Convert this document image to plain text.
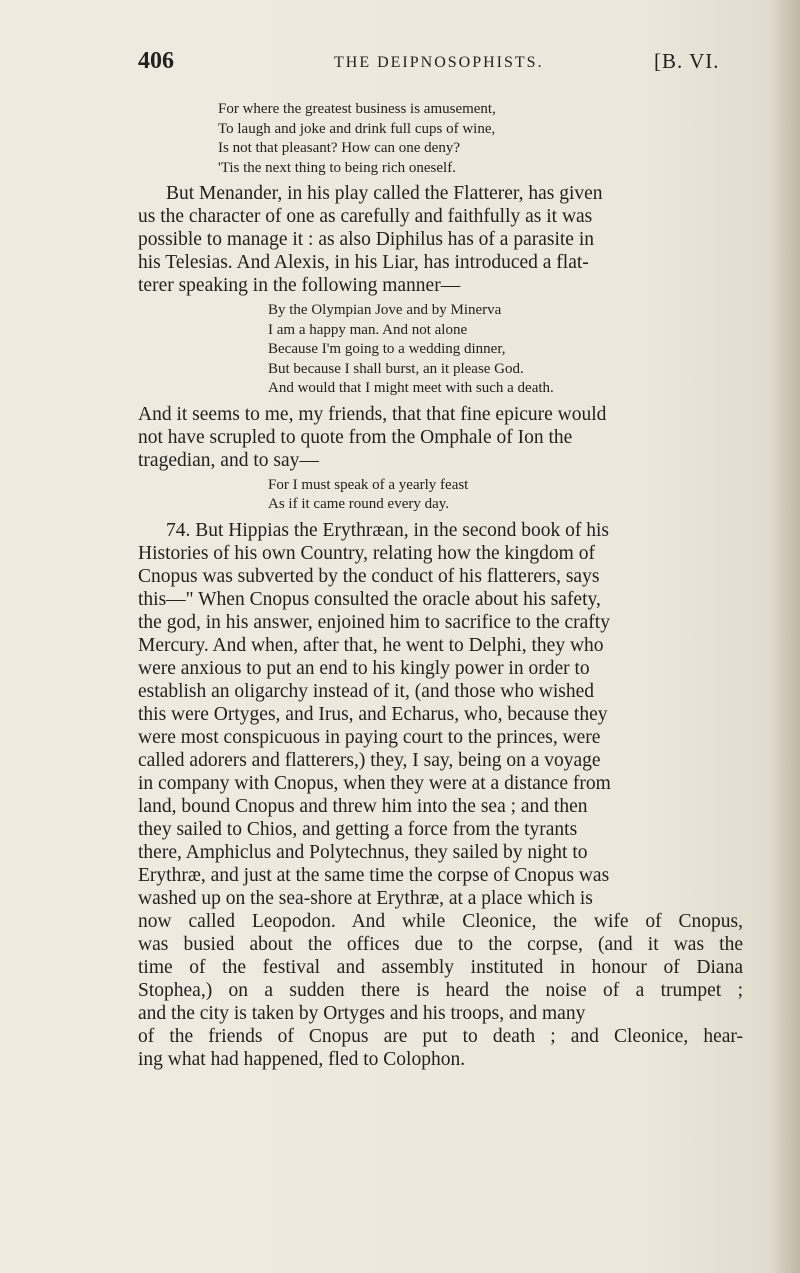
406	THE DEIPNOSOPHISTS.	[B. VI.
For where the greatest business is amusement,
To laugh and joke and drink full cups of wine,
Is not that pleasant? How can one deny?
'Tis the next thing to being rich oneself.
But Menander, in his play called the Flatterer, has given
us the character of one as carefully and faithfully as it was
possible to manage it : as also Diphilus has of a parasite in
his Telesias. And Alexis, in his Liar, has introduced a flat-
terer speaking in the following manner—
By the Olympian Jove and by Minerva
I am a happy man. And not alone
Because I'm going to a wedding dinner,
But because I shall burst, an it please God.
And would that I might meet with such a death.
And it seems to me, my friends, that that fine epicure would
not have scrupled to quote from the Omphale of Ion the
tragedian, and to say—
For I must speak of a yearly feast
As if it came round every day.
74. But Hippias the Erythræan, in the second book of his
Histories of his own Country, relating how the kingdom of
Cnopus was subverted by the conduct of his flatterers, says
this—" When Cnopus consulted the oracle about his safety,
the god, in his answer, enjoined him to sacrifice to the crafty
Mercury. And when, after that, he went to Delphi, they who
were anxious to put an end to his kingly power in order to
establish an oligarchy instead of it, (and those who wished
this were Ortyges, and Irus, and Echarus, who, because they
were most conspicuous in paying court to the princes, were
called adorers and flatterers,) they, I say, being on a voyage
in company with Cnopus, when they were at a distance from
land, bound Cnopus and threw him into the sea ; and then
they sailed to Chios, and getting a force from the tyrants
there, Amphiclus and Polytechnus, they sailed by night to
Erythræ, and just at the same time the corpse of Cnopus was
washed up on the sea-shore at Erythræ, at a place which is
now called Leopodon. And while Cleonice, the wife of Cnopus,
was busied about the offices due to the corpse, (and it was the
time of the festival and assembly instituted in honour of Diana
Stophea,) on a sudden there is heard the noise of a trumpet ;
and the city is taken by Ortyges and his troops, and many
of the friends of Cnopus are put to death ; and Cleonice, hear-
ing what had happened, fled to Colophon.
